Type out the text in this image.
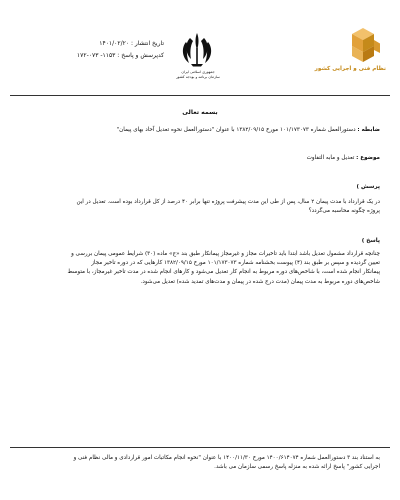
تاریخ انتشار : ۱۴۰۱/۰۲/۲۰
کدپرسش و پاسخ : ۱۱۵۳- ۰۷۳-۱۷۲
جمهوری اسلامی ایران
سازمان برنامه و بودجه کشور
نظام فنی و اجرایی کشور
بسمه تعالی
ضابطه : دستورالعمل شماره ۱۰۱/۱۷۳۰۷۳ مورخ ۱۳۸۲/۰۹/۱۵ با عنوان "دستورالعمل نحوه تعدیل آحاد بهای پیمان"
موضوع : تعدیل و مابه التفاوت
پرسش )
در یک قرارداد با مدت پیمان ۲ سال، پس از طی این مدت پیشرفت پروژه تنها برابر ۴۰ درصد از کل قرارداد بوده است. تعدیل در این
پروژه چگونه محاسبه می‌گردد؟
پاسخ )
چنانچه قرارداد مشمول تعدیل باشد ابتدا باید تاخیرات مجاز و غیرمجاز پیمانکار طبق بند «ج» ماده (۳۰) شرایط عمومی پیمان بررسی و
تعیین گردیده و سپس بر طبق بند (۴) پیوست بخشنامه شماره ۱۰۱/۱۷۳۰۷۳ مورخ ۱۳۸۲/۰۹/۱۵ کارهایی که در دوره تاخیر مجاز
پیمانکار انجام شده است، با شاخص‌های دوره مربوط به انجام کار تعدیل می‌شود و کارهای انجام شده در مدت تاخیر غیرمجاز، با متوسط
شاخص‌های دوره مربوط به مدت پیمان (مدت درج شده در پیمان و مدت‌های تمدید شده) تعدیل می‌شود.
به استناد بند ۳ دستورالعمل شماره ۱۴۰۰/۶۱۴۰۷۴ مورخ ۱۴۰۰/۱۱/۳۰ با عنوان "نحوه انجام مکاتبات امور قراردادی و مالی نظام فنی و
اجرایی کشور" پاسخ ارائه شده به منزله پاسخ رسمی سازمان می باشد.
